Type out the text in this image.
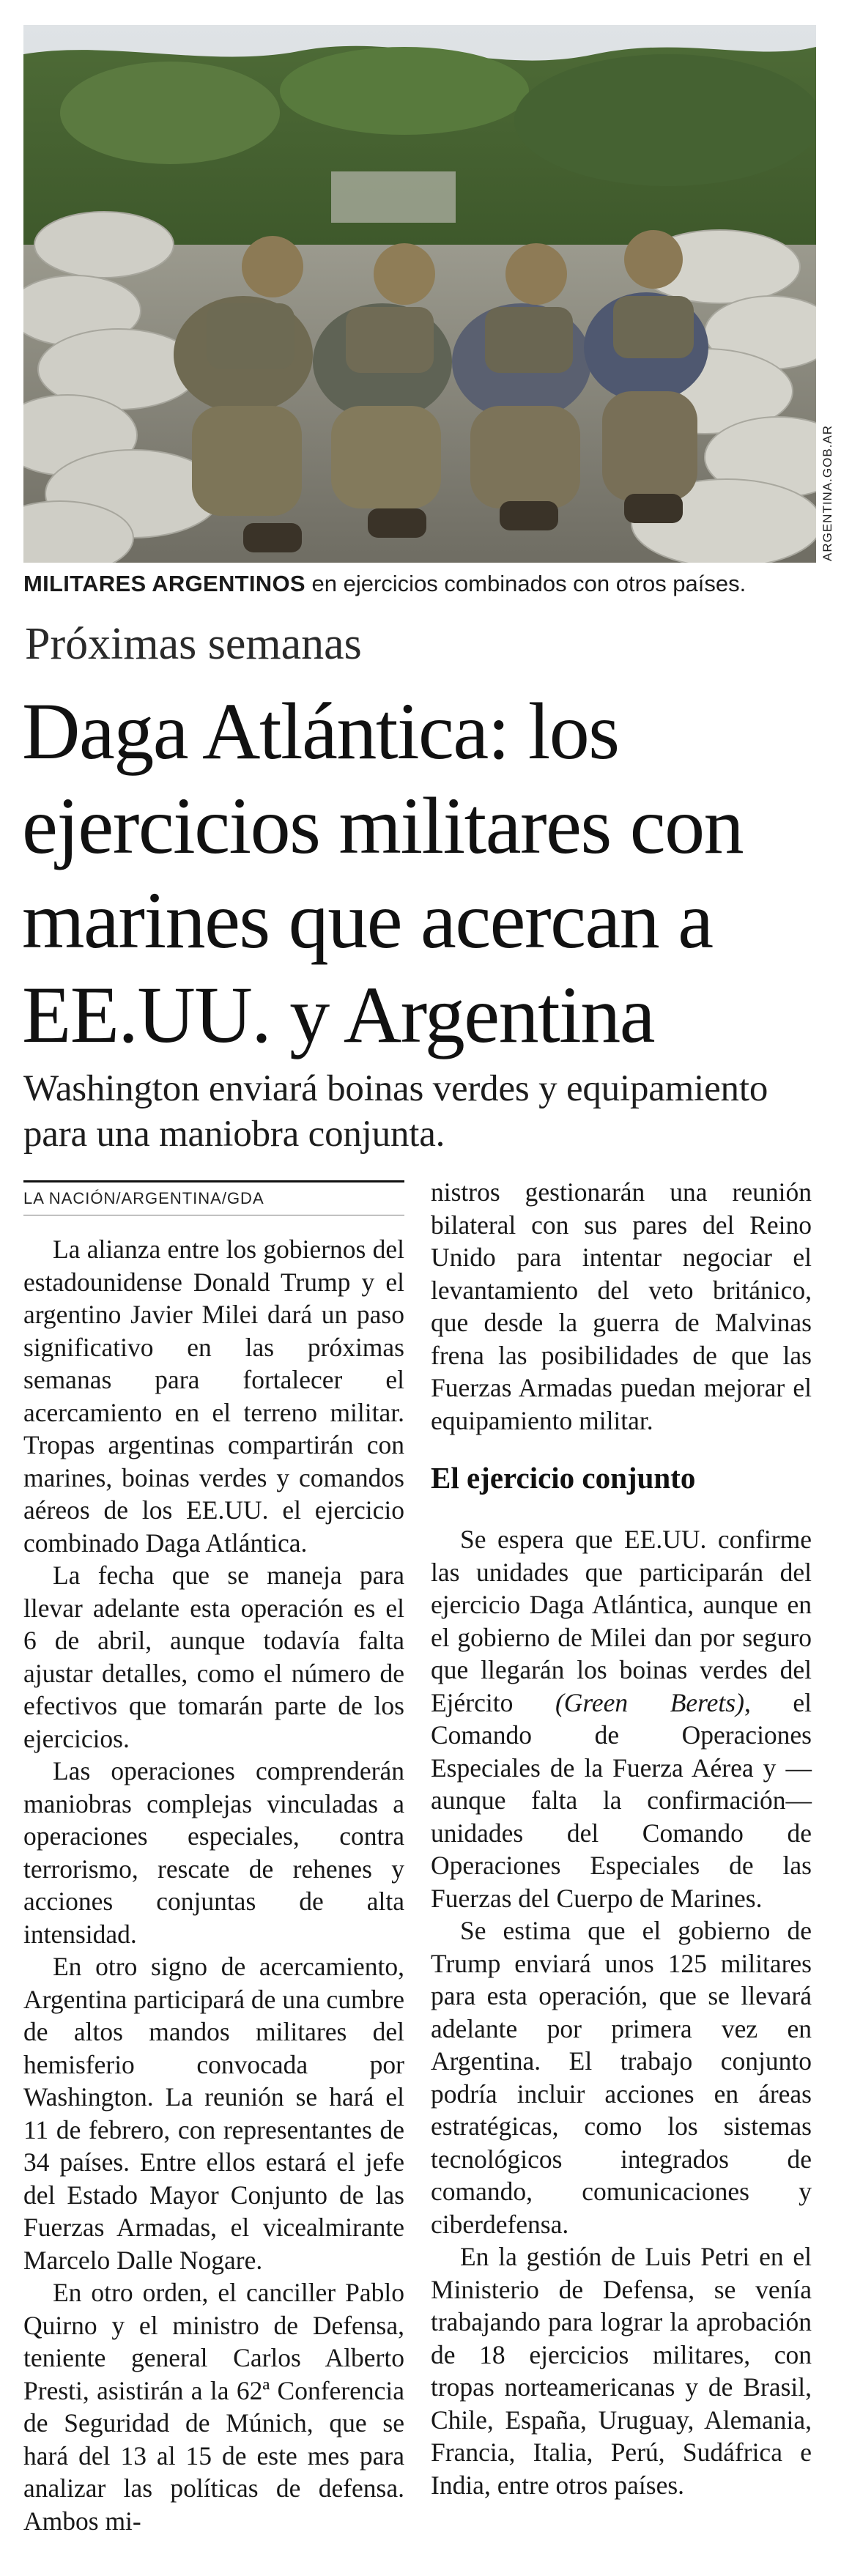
ARGENTINA.GOB.AR
MILITARES ARGENTINOS en ejercicios combinados con otros países.
Próximas semanas
Daga Atlántica: los ejercicios militares con marines que acercan a EE.UU. y Argentina

Washington enviará boinas verdes y equipamiento para una maniobra conjunta.

LA NACIÓN/ARGENTINA/GDA

La alianza entre los gobiernos del estadounidense Donald Trump y el argentino Javier Milei dará un paso significativo en las próximas semanas para fortalecer el acercamiento en el terreno militar. Tropas argentinas compartirán con marines, boinas verdes y comandos aéreos de los EE.UU. el ejercicio combinado Daga Atlántica.

La fecha que se maneja para llevar adelante esta operación es el 6 de abril, aunque todavía falta ajustar detalles, como el número de efectivos que tomarán parte de los ejercicios.

Las operaciones comprenderán maniobras complejas vinculadas a operaciones especiales, contra terrorismo, rescate de rehenes y acciones conjuntas de alta intensidad.

En otro signo de acercamiento, Argentina participará de una cumbre de altos mandos militares del hemisferio convocada por Washington. La reunión se hará el 11 de febrero, con representantes de 34 países. Entre ellos estará el jefe del Estado Mayor Conjunto de las Fuerzas Armadas, el vicealmirante Marcelo Dalle Nogare.

En otro orden, el canciller Pablo Quirno y el ministro de Defensa, teniente general Carlos Alberto Presti, asistirán a la 62ª Conferencia de Seguridad de Múnich, que se hará del 13 al 15 de este mes para analizar las políticas de defensa. Ambos mi-

nistros gestionarán una reunión bilateral con sus pares del Reino Unido para intentar negociar el levantamiento del veto británico, que desde la guerra de Malvinas frena las posibilidades de que las Fuerzas Armadas puedan mejorar el equipamiento militar.

El ejercicio conjunto

Se espera que EE.UU. confirme las unidades que participarán del ejercicio Daga Atlántica, aunque en el gobierno de Milei dan por seguro que llegarán los boinas verdes del Ejército (Green Berets), el Comando de Operaciones Especiales de la Fuerza Aérea y —aunque falta la confirmación— unidades del Comando de Operaciones Especiales de las Fuerzas del Cuerpo de Marines.

Se estima que el gobierno de Trump enviará unos 125 militares para esta operación, que se llevará adelante por primera vez en Argentina. El trabajo conjunto podría incluir acciones en áreas estratégicas, como los sistemas tecnológicos integrados de comando, comunicaciones y ciberdefensa.

En la gestión de Luis Petri en el Ministerio de Defensa, se venía trabajando para lograr la aprobación de 18 ejercicios militares, con tropas norteamericanas y de Brasil, Chile, España, Uruguay, Alemania, Francia, Italia, Perú, Sudáfrica e India, entre otros países.
